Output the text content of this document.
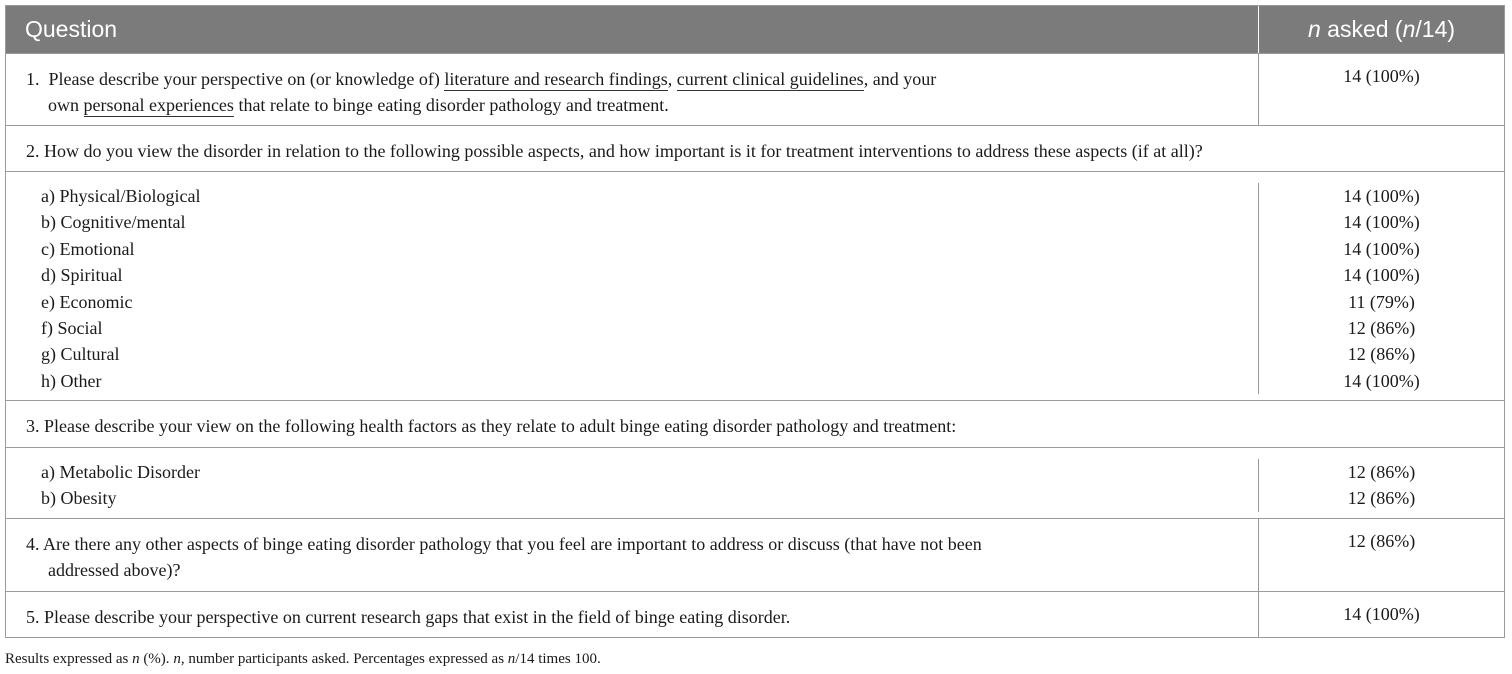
Question	n asked (n/14)
1. Please describe your perspective on (or knowledge of) literature and research findings, current clinical guidelines, and your
own personal experiences that relate to binge eating disorder pathology and treatment.
14 (100%)
2. How do you view the disorder in relation to the following possible aspects, and how important is it for treatment interventions to address these aspects (if at all)?
a) Physical/Biological	14 (100%)
b) Cognitive/mental	14 (100%)
c) Emotional	14 (100%)
d) Spiritual	14 (100%)
e) Economic	11 (79%)
f) Social	12 (86%)
g) Cultural	12 (86%)
h) Other	14 (100%)
3. Please describe your view on the following health factors as they relate to adult binge eating disorder pathology and treatment:
a) Metabolic Disorder	12 (86%)
b) Obesity	12 (86%)
4. Are there any other aspects of binge eating disorder pathology that you feel are important to address or discuss (that have not been
addressed above)?
12 (86%)
5. Please describe your perspective on current research gaps that exist in the field of binge eating disorder.	14 (100%)
Results expressed as n (%). n, number participants asked. Percentages expressed as n/14 times 100.
